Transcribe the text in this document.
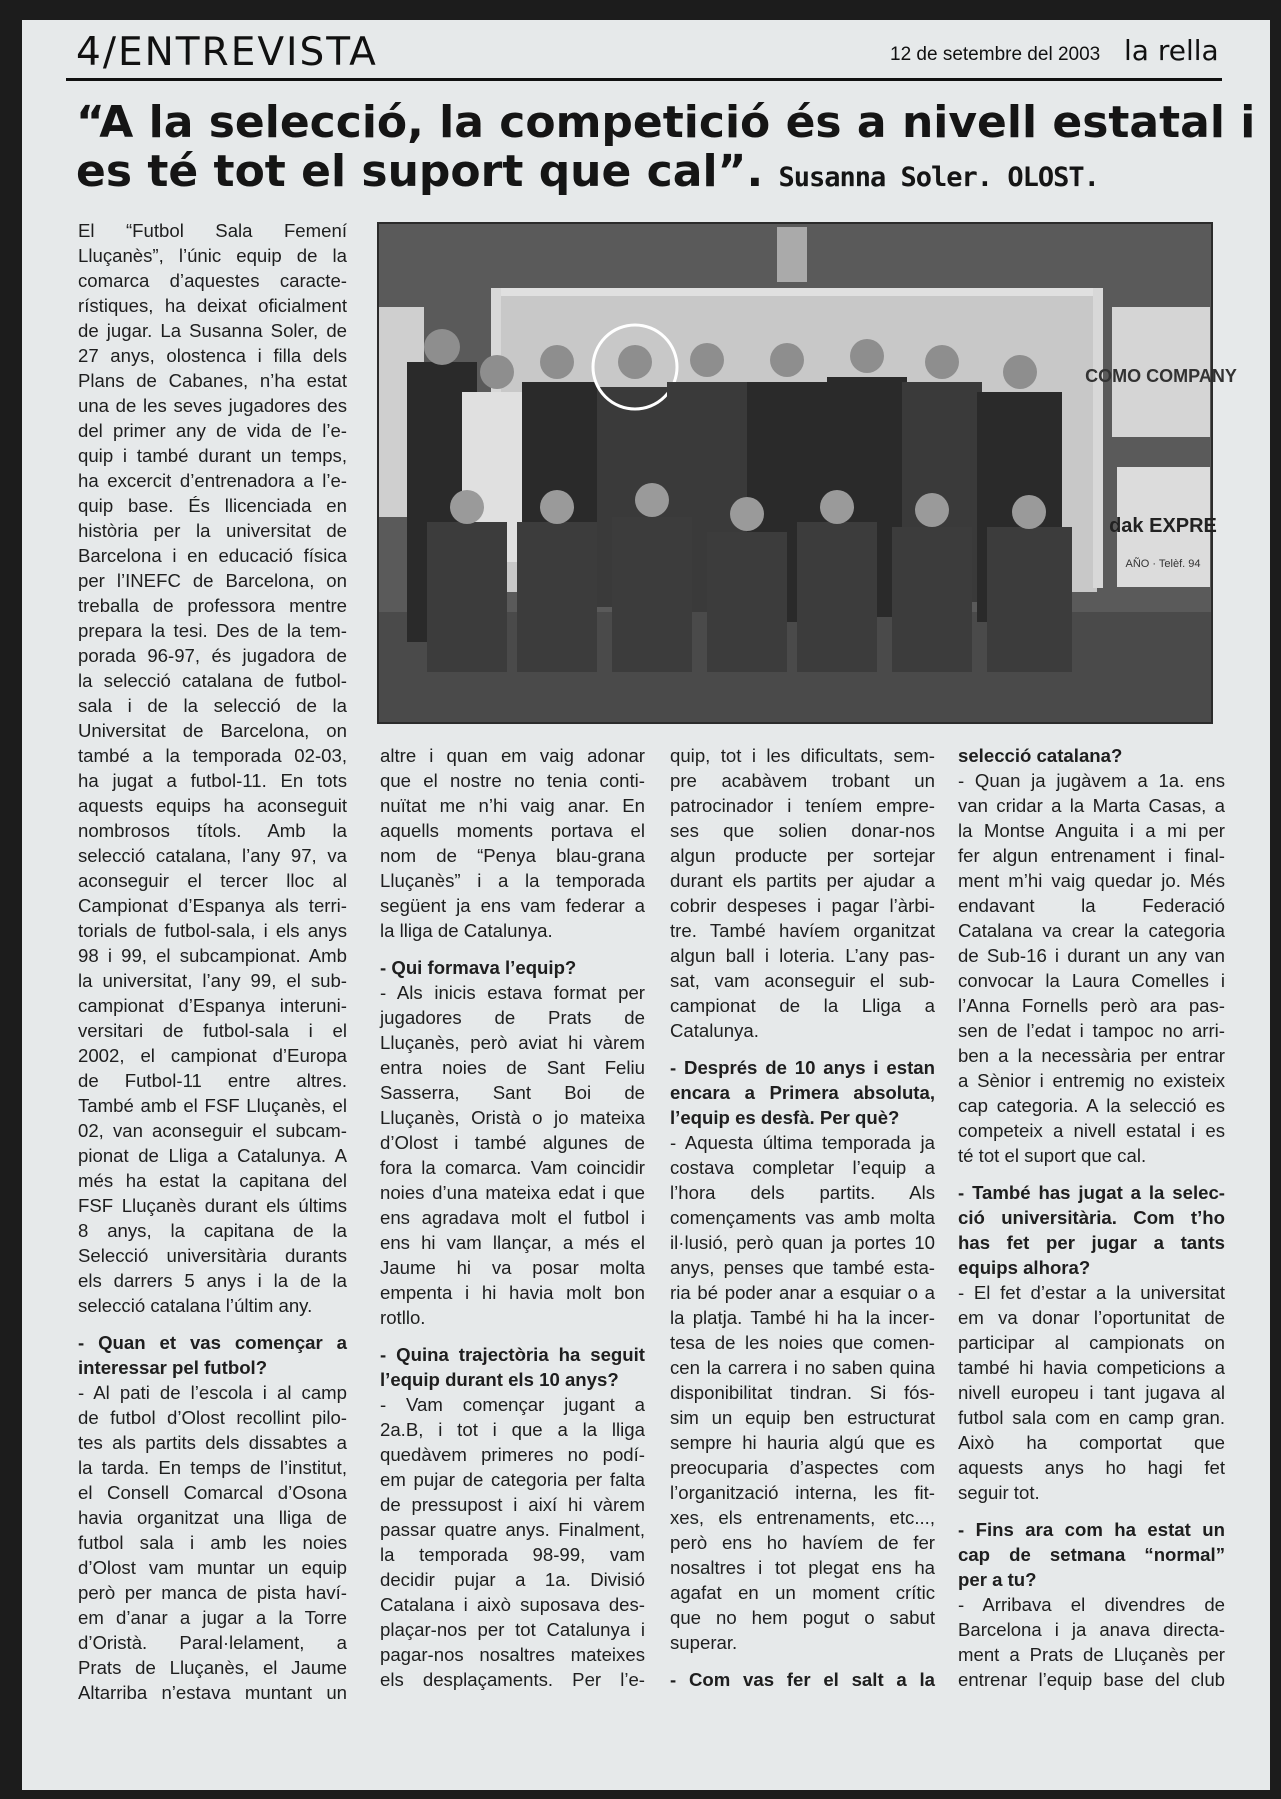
4/ENTREVISTA	12 de setembre del 2003 la rella
“A la selecció, la competició és a nivell estatal i
es té tot el suport que cal”. Susanna Soler. OLOST.
COMO COMPANY
dak EXPRE
AÑO · Telèf. 94
El    “Futbol    Sala    Femení
Lluçanès”, l’únic equip de la
comarca d’aquestes caracte-
rístiques, ha deixat oficialment
de jugar. La Susanna Soler, de
27 anys, olostenca i filla dels
Plans de Cabanes, n’ha estat
una de les seves jugadores des
del primer any de vida de l’e-
quip i també durant un temps,
ha excercit d’entrenadora a l’e-
quip base. És llicenciada en
història per la universitat de
Barcelona i en educació física
per l’INEFC de Barcelona, on
treballa de professora mentre
prepara la tesi. Des de la tem-
porada 96-97, és jugadora de
la selecció catalana de futbol-
sala i de la selecció de la
Universitat de Barcelona, on
també a la temporada 02-03,
ha jugat a futbol-11. En tots
aquests equips ha aconseguit
nombrosos títols. Amb la
selecció catalana, l’any 97, va
aconseguir el tercer lloc al
Campionat d’Espanya als terri-
torials de futbol-sala, i els anys
98 i 99, el subcampionat. Amb
la universitat, l’any 99, el sub-
campionat d’Espanya interuni-
versitari de futbol-sala i el
2002, el campionat d’Europa
de Futbol-11 entre altres.
També amb el FSF Lluçanès, el
02, van aconseguir el subcam-
pionat de Lliga a Catalunya. A
més ha estat la capitana del
FSF Lluçanès durant els últims
8 anys, la capitana de la
Selecció universitària durants
els darrers 5 anys i la de la
selecció catalana l’últim any.
- Quan et vas començar a
interessar pel futbol?
- Al pati de l’escola i al camp
de futbol d’Olost recollint pilo-
tes als partits dels dissabtes a
la tarda. En temps de l’institut,
el Consell Comarcal d’Osona
havia organitzat una lliga de
futbol sala i amb les noies
d’Olost vam muntar un equip
però per manca de pista haví-
em d’anar a jugar a la Torre
d’Oristà. Paral·lelament, a
Prats de Lluçanès, el Jaume
Altarriba n’estava muntant un
altre i quan em vaig adonar
que el nostre no tenia conti-
nuïtat me n’hi vaig anar. En
aquells moments portava el
nom de “Penya blau-grana
Lluçanès” i a la temporada
següent ja ens vam federar a
la lliga de Catalunya.
- Qui formava l’equip?
- Als inicis estava format per
jugadores de Prats de
Lluçanès, però aviat hi vàrem
entra noies de Sant Feliu
Sasserra, Sant Boi de
Lluçanès, Oristà o jo mateixa
d’Olost i també algunes de
fora la comarca. Vam coincidir
noies d’una mateixa edat i que
ens agradava molt el futbol i
ens hi vam llançar, a més el
Jaume hi va posar molta
empenta i hi havia molt bon
rotllo.
- Quina trajectòria ha seguit
l’equip durant els 10 anys?
- Vam començar jugant a
2a.B, i tot i que a la lliga
quedàvem primeres no podí-
em pujar de categoria per falta
de pressupost i així hi vàrem
passar quatre anys. Finalment,
la temporada 98-99, vam
decidir pujar a 1a. Divisió
Catalana i això suposava des-
plaçar-nos per tot Catalunya i
pagar-nos nosaltres mateixes
els desplaçaments. Per l’e-
quip, tot i les dificultats, sem-
pre acabàvem trobant un
patrocinador i teníem empre-
ses que solien donar-nos
algun producte per sortejar
durant els partits per ajudar a
cobrir despeses i pagar l’àrbi-
tre. També havíem organitzat
algun ball i loteria. L’any pas-
sat, vam aconseguir el sub-
campionat de la Lliga a
Catalunya.
- Després de 10 anys i estan
encara a Primera absoluta,
l’equip es desfà. Per què?
- Aquesta última temporada ja
costava completar l’equip a
l’hora dels partits. Als
començaments vas amb molta
il·lusió, però quan ja portes 10
anys, penses que també esta-
ria bé poder anar a esquiar o a
la platja. També hi ha la incer-
tesa de les noies que comen-
cen la carrera i no saben quina
disponibilitat tindran. Si fós-
sim un equip ben estructurat
sempre hi hauria algú que es
preocuparia d’aspectes com
l’organització interna, les fit-
xes, els entrenaments, etc...,
però ens ho havíem de fer
nosaltres i tot plegat ens ha
agafat en un moment crític
que no hem pogut o sabut
superar.
- Com vas fer el salt a la
selecció catalana?
- Quan ja jugàvem a 1a. ens
van cridar a la Marta Casas, a
la Montse Anguita i a mi per
fer algun entrenament i final-
ment m’hi vaig quedar jo. Més
endavant la Federació
Catalana va crear la categoria
de Sub-16 i durant un any van
convocar la Laura Comelles i
l’Anna Fornells però ara pas-
sen de l’edat i tampoc no arri-
ben a la necessària per entrar
a Sènior i entremig no existeix
cap categoria. A la selecció es
competeix a nivell estatal i es
té tot el suport que cal.
- També has jugat a la selec-
ció universitària. Com t’ho
has fet per jugar a tants
equips alhora?
- El fet d’estar a la universitat
em va donar l’oportunitat de
participar al campionats on
també hi havia competicions a
nivell europeu i tant jugava al
futbol sala com en camp gran.
Això ha comportat que
aquests anys ho hagi fet
seguir tot.
- Fins ara com ha estat un
cap de setmana “normal”
per a tu?
- Arribava el divendres de
Barcelona i ja anava directa-
ment a Prats de Lluçanès per
entrenar l’equip base del club
